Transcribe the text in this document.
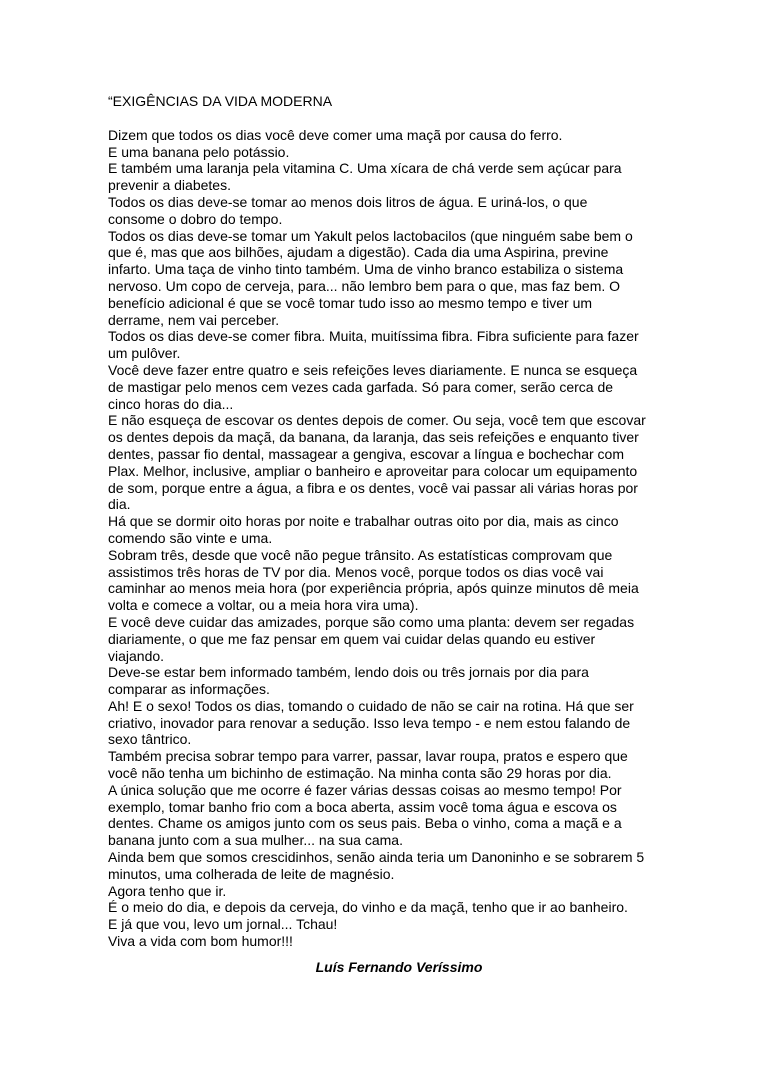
“EXIGÊNCIAS DA VIDA MODERNA

Dizem que todos os dias você deve comer uma maçã por causa do ferro.

E uma banana pelo potássio.

E também uma laranja pela vitamina C. Uma xícara de chá verde sem açúcar para

prevenir a diabetes.

Todos os dias deve-se tomar ao menos dois litros de água. E uriná-los, o que

consome o dobro do tempo.

Todos os dias deve-se tomar um Yakult pelos lactobacilos (que ninguém sabe bem o

que é, mas que aos bilhões, ajudam a digestão). Cada dia uma Aspirina, previne

infarto. Uma taça de vinho tinto também. Uma de vinho branco estabiliza o sistema

nervoso. Um copo de cerveja, para... não lembro bem para o que, mas faz bem. O

benefício adicional é que se você tomar tudo isso ao mesmo tempo e tiver um

derrame, nem vai perceber.

Todos os dias deve-se comer fibra. Muita, muitíssima fibra. Fibra suficiente para fazer

um pulôver.

Você deve fazer entre quatro e seis refeições leves diariamente. E nunca se esqueça

de mastigar pelo menos cem vezes cada garfada. Só para comer, serão cerca de

cinco horas do dia...

E não esqueça de escovar os dentes depois de comer. Ou seja, você tem que escovar

os dentes depois da maçã, da banana, da laranja, das seis refeições e enquanto tiver

dentes, passar fio dental, massagear a gengiva, escovar a língua e bochechar com

Plax. Melhor, inclusive, ampliar o banheiro e aproveitar para colocar um equipamento

de som, porque entre a água, a fibra e os dentes, você vai passar ali várias horas por

dia.

Há que se dormir oito horas por noite e trabalhar outras oito por dia, mais as cinco

comendo são vinte e uma.

Sobram três, desde que você não pegue trânsito. As estatísticas comprovam que

assistimos três horas de TV por dia. Menos você, porque todos os dias você vai

caminhar ao menos meia hora (por experiência própria, após quinze minutos dê meia

volta e comece a voltar, ou a meia hora vira uma).

E você deve cuidar das amizades, porque são como uma planta: devem ser regadas

diariamente, o que me faz pensar em quem vai cuidar delas quando eu estiver

viajando.

Deve-se estar bem informado também, lendo dois ou três jornais por dia para

comparar as informações.

Ah! E o sexo! Todos os dias, tomando o cuidado de não se cair na rotina. Há que ser

criativo, inovador para renovar a sedução. Isso leva tempo - e nem estou falando de

sexo tântrico.

Também precisa sobrar tempo para varrer, passar, lavar roupa, pratos e espero que

você não tenha um bichinho de estimação. Na minha conta são 29 horas por dia.

A única solução que me ocorre é fazer várias dessas coisas ao mesmo tempo! Por

exemplo, tomar banho frio com a boca aberta, assim você toma água e escova os

dentes. Chame os amigos junto com os seus pais. Beba o vinho, coma a maçã e a

banana junto com a sua mulher... na sua cama.

Ainda bem que somos crescidinhos, senão ainda teria um Danoninho e se sobrarem 5

minutos, uma colherada de leite de magnésio.

Agora tenho que ir.

É o meio do dia, e depois da cerveja, do vinho e da maçã, tenho que ir ao banheiro.

E já que vou, levo um jornal... Tchau!

Viva a vida com bom humor!!!

Luís Fernando Veríssimo
